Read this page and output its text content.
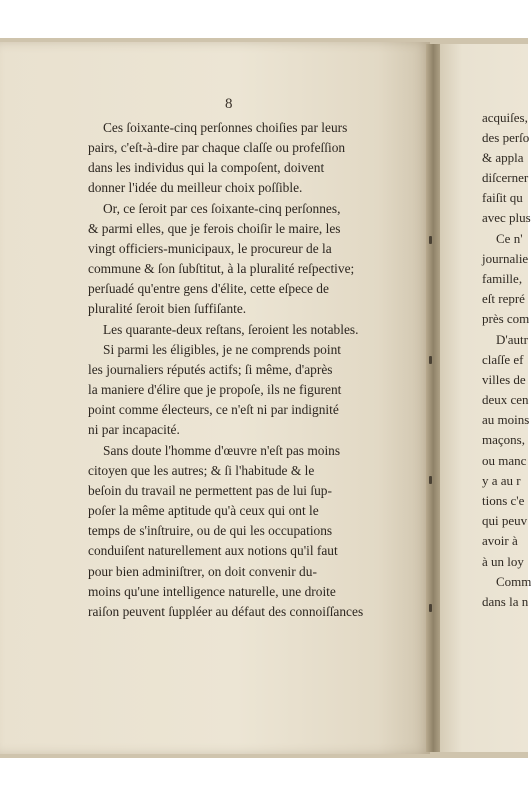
8
Ces ſoixante-cinq perſonnes choiſies par leurs
pairs, c'eſt-à-dire par chaque claſſe ou profeſſion
dans les individus qui la compoſent, doivent
donner l'idée du meilleur choix poſſible.
Or, ce ſeroit par ces ſoixante-cinq perſonnes,
& parmi elles, que je ferois choiſir le maire, les
vingt officiers-municipaux, le procureur de la
commune & ſon ſubſtitut, à la pluralité reſpective;
perſuadé qu'entre gens d'élite, cette eſpece de
pluralité ſeroit bien ſuffiſante.
Les quarante-deux reſtans, ſeroient les notables.
Si parmi les éligibles, je ne comprends point
les journaliers réputés actifs; ſi même, d'après
la maniere d'élire que je propoſe, ils ne figurent
point comme électeurs, ce n'eſt ni par indignité
ni par incapacité.
Sans doute l'homme d'œuvre n'eſt pas moins
citoyen que les autres; & ſi l'habitude & le
beſoin du travail ne permettent pas de lui ſup-
poſer la même aptitude qu'à ceux qui ont le
temps de s'inſtruire, ou de qui les occupations
conduiſent naturellement aux notions qu'il faut
pour bien adminiſtrer, on doit convenir du-
moins qu'une intelligence naturelle, une droite
raiſon peuvent ſuppléer au défaut des connoiſſances
acquiſes,
des perſo
& appla
diſcerner
faiſit qu
avec plus
Ce n'
journalie
famille,
eſt repré
près com
D'autr
claſſe ef
villes de
deux cen
au moins
maçons,
ou manc
y a au r
tions c'e
qui peuv
avoir à
à un loy
Comm
dans la n
